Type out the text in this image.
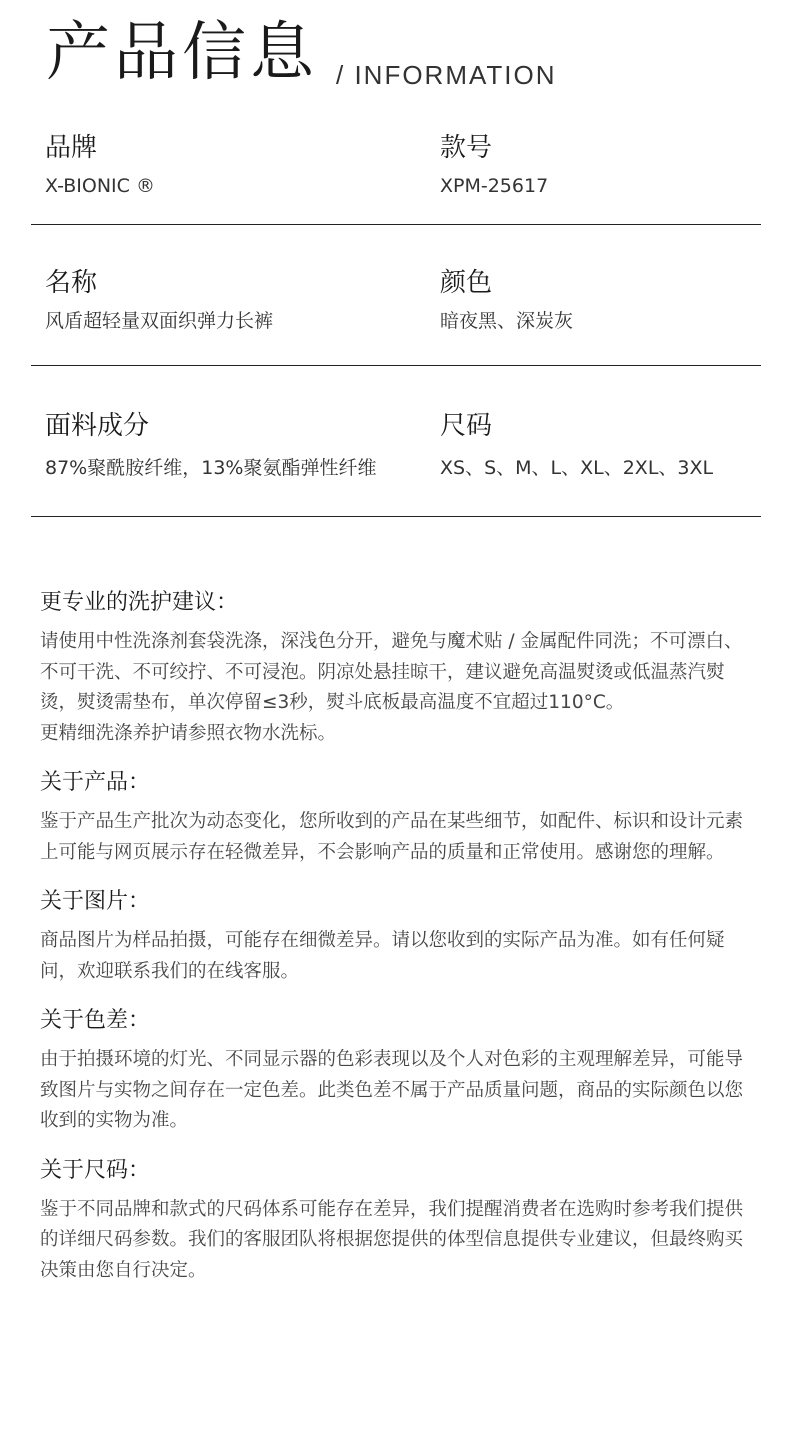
产品信息 / INFORMATION
品牌
X-BIONIC ®
款号
XPM-25617
名称
风盾超轻量双面织弹力长裤
颜色
暗夜黑、深炭灰
面料成分
87%聚酰胺纤维，13%聚氨酯弹性纤维
尺码
XS、S、M、L、XL、2XL、3XL
更专业的洗护建议：

请使用中性洗涤剂套袋洗涤，深浅色分开，避免与魔术贴 / 金属配件同洗；不可漂白、不可干洗、不可绞拧、不可浸泡。阴凉处悬挂晾干，建议避免高温熨烫或低温蒸汽熨烫，熨烫需垫布，单次停留≤3秒，熨斗底板最高温度不宜超过110°C。

更精细洗涤养护请参照衣物水洗标。

关于产品：

鉴于产品生产批次为动态变化，您所收到的产品在某些细节，如配件、标识和设计元素上可能与网页展示存在轻微差异，不会影响产品的质量和正常使用。感谢您的理解。

关于图片：

商品图片为样品拍摄，可能存在细微差异。请以您收到的实际产品为准。如有任何疑问，欢迎联系我们的在线客服。

关于色差：

由于拍摄环境的灯光、不同显示器的色彩表现以及个人对色彩的主观理解差异，可能导致图片与实物之间存在一定色差。此类色差不属于产品质量问题，商品的实际颜色以您收到的实物为准。

关于尺码：

鉴于不同品牌和款式的尺码体系可能存在差异，我们提醒消费者在选购时参考我们提供的详细尺码参数。我们的客服团队将根据您提供的体型信息提供专业建议，但最终购买决策由您自行决定。
